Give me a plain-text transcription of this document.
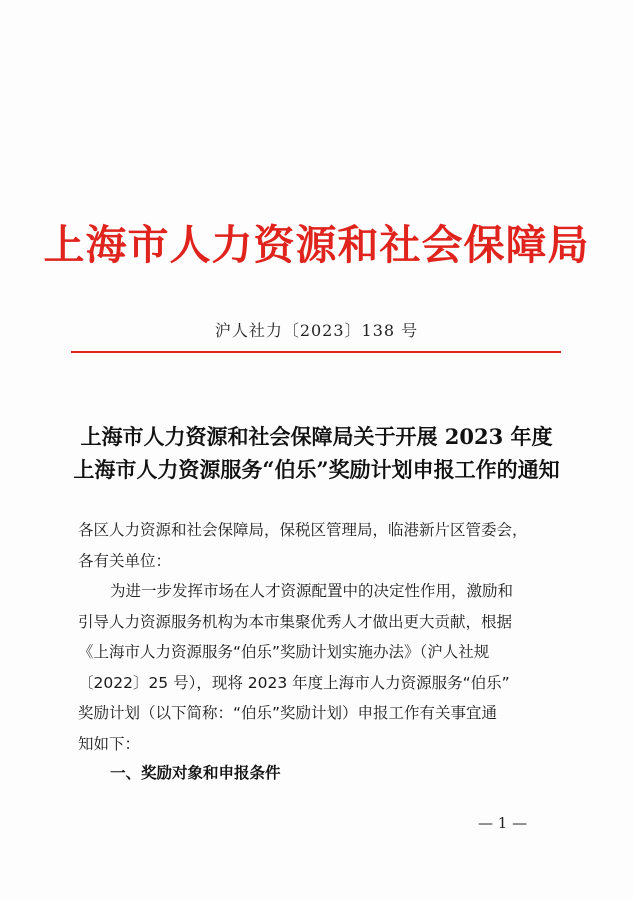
上海市人力资源和社会保障局
沪人社力〔2023〕138 号
上海市人力资源和社会保障局关于开展 2023 年度
上海市人力资源服务“伯乐”奖励计划申报工作的通知
各区人力资源和社会保障局，保税区管理局，临港新片区管委会，
各有关单位：
为进一步发挥市场在人才资源配置中的决定性作用，激励和
引导人力资源服务机构为本市集聚优秀人才做出更大贡献，根据
《上海市人力资源服务“伯乐”奖励计划实施办法》（沪人社规
〔2022〕25 号），现将 2023 年度上海市人力资源服务“伯乐”
奖励计划（以下简称：“伯乐”奖励计划）申报工作有关事宜通
知如下：
一、奖励对象和申报条件
— 1 —
